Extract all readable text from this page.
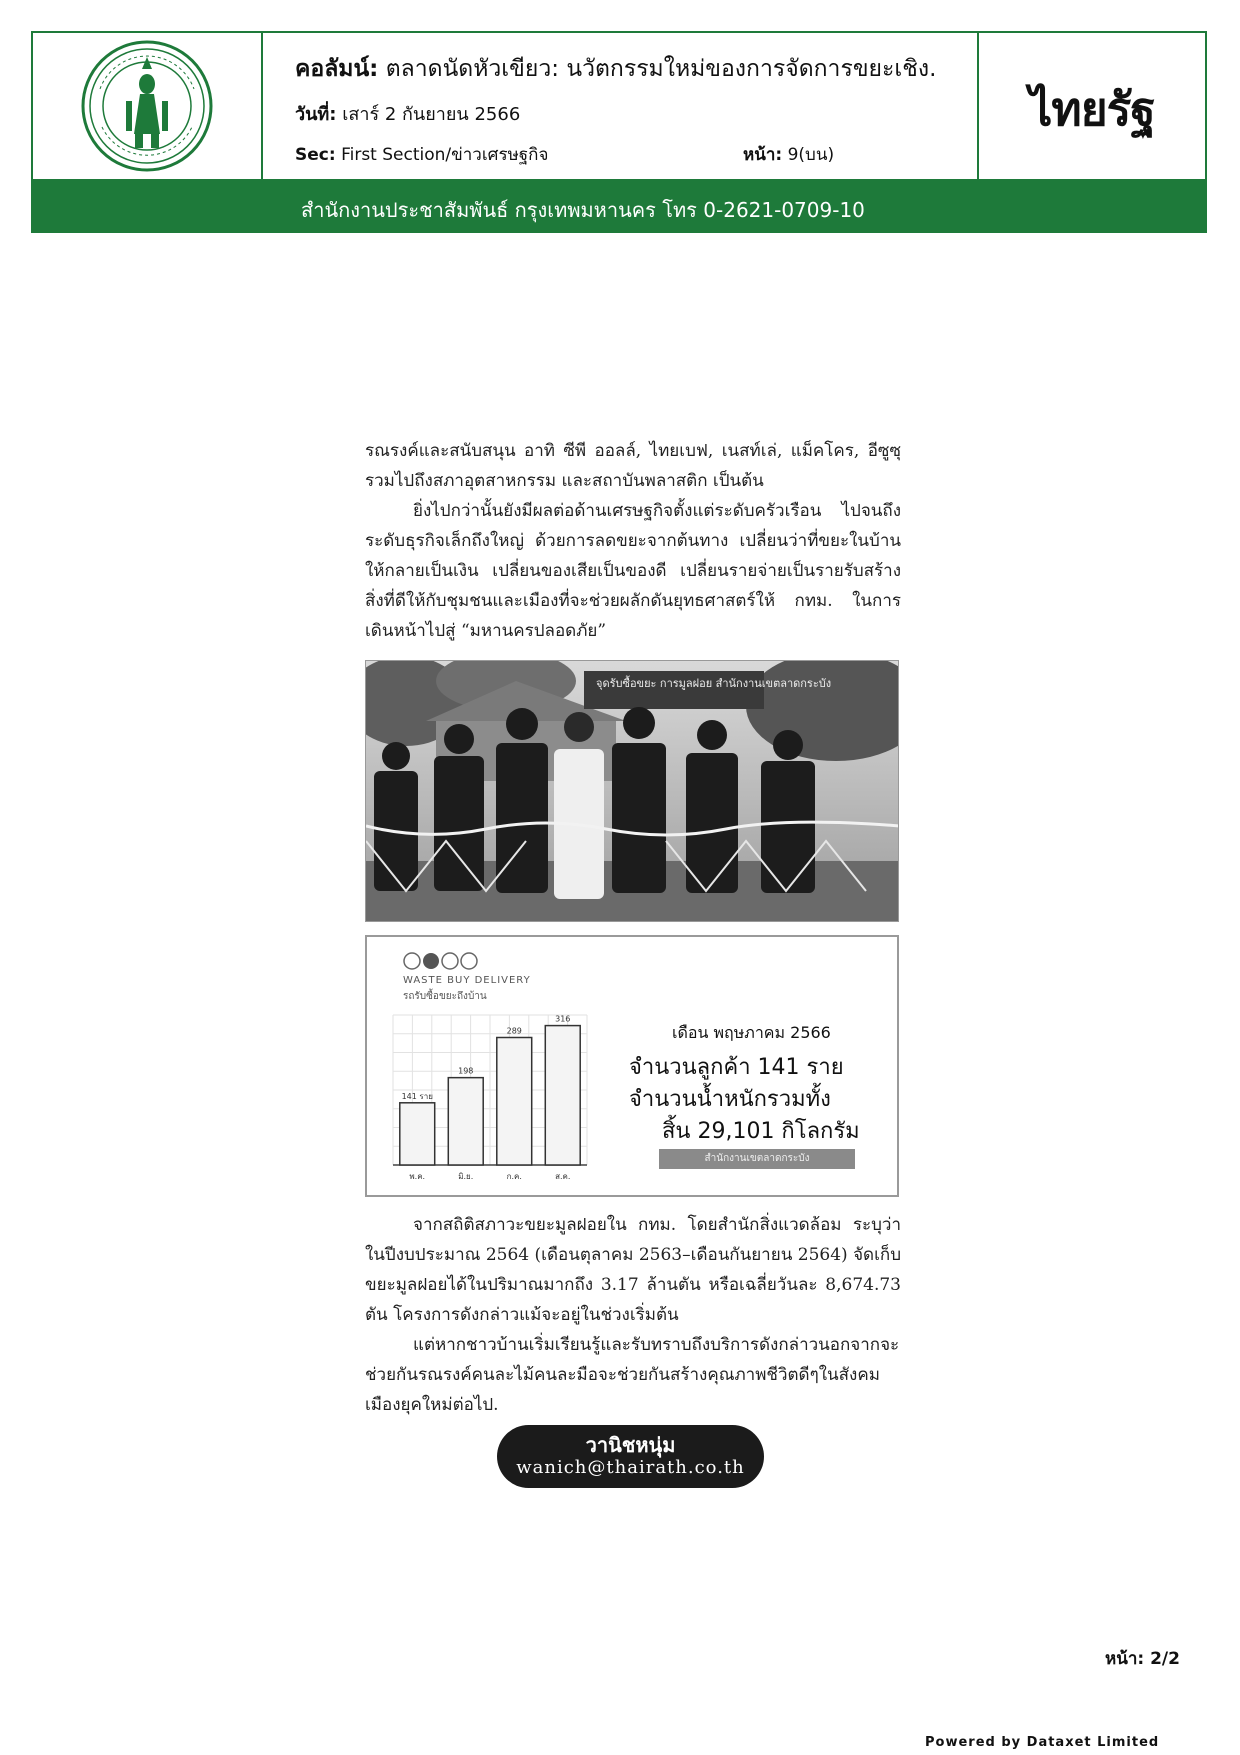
คอลัมน์: ตลาดนัดหัวเขียว: นวัตกรรมใหม่ของการจัดการขยะเชิง.
วันที่: เสาร์ 2 กันยายน 2566
Sec: First Section/ข่าวเศรษฐกิจ	หน้า: 9(บน)
ไทยรัฐ
สำนักงานประชาสัมพันธ์ กรุงเทพมหานคร โทร 0-2621-0709-10
รณรงค์และสนับสนุน อาทิ ซีพี ออลล์, ไทยเบฟ, เนสท์เล่, แม็คโคร, อีซูซุ รวมไปถึงสภาอุตสาหกรรม และสถาบันพลาสติก เป็นต้น
ยิ่งไปกว่านั้นยังมีผลต่อด้านเศรษฐกิจตั้งแต่ระดับครัวเรือน ไปจนถึงระดับธุรกิจเล็กถึงใหญ่ ด้วยการลดขยะจากต้นทาง เปลี่ยนว่าที่ขยะในบ้านให้กลายเป็นเงิน เปลี่ยนของเสียเป็นของดี เปลี่ยนรายจ่ายเป็นรายรับสร้างสิ่งที่ดีให้กับชุมชนและเมืองที่จะช่วยผลักดันยุทธศาสตร์ให้ กทม. ในการเดินหน้าไปสู่ “มหานครปลอดภัย”
จุดรับซื้อขยะ การมูลฝอย สำนักงานเขตลาดกระบัง
WASTE BUY DELIVERY
รถรับซื้อขยะถึงบ้าน
141 ราย
พ.ค.
198
มิ.ย.
289
ก.ค.
316
ส.ค.
เดือน พฤษภาคม 2566
จำนวนลูกค้า 141 ราย
จำนวนน้ำหนักรวมทั้ง
สิ้น 29,101 กิโลกรัม
สำนักงานเขตลาดกระบัง
จากสถิติสภาวะขยะมูลฝอยใน กทม. โดยสำนักสิ่งแวดล้อม ระบุว่า ในปีงบประมาณ 2564 (เดือนตุลาคม 2563–เดือนกันยายน 2564) จัดเก็บขยะมูลฝอยได้ในปริมาณมากถึง 3.17 ล้านตัน หรือเฉลี่ยวันละ 8,674.73 ตัน โครงการดังกล่าวแม้จะอยู่ในช่วงเริ่มต้น
แต่หากชาวบ้านเริ่มเรียนรู้และรับทราบถึงบริการดังกล่าวนอกจากจะช่วยกันรณรงค์คนละไม้คนละมือจะช่วยกันสร้างคุณภาพชีวิตดีๆในสังคมเมืองยุคใหม่ต่อไป.
วานิชหนุ่ม
wanich@thairath.co.th
หน้า: 2/2
Powered by Dataxet Limited
